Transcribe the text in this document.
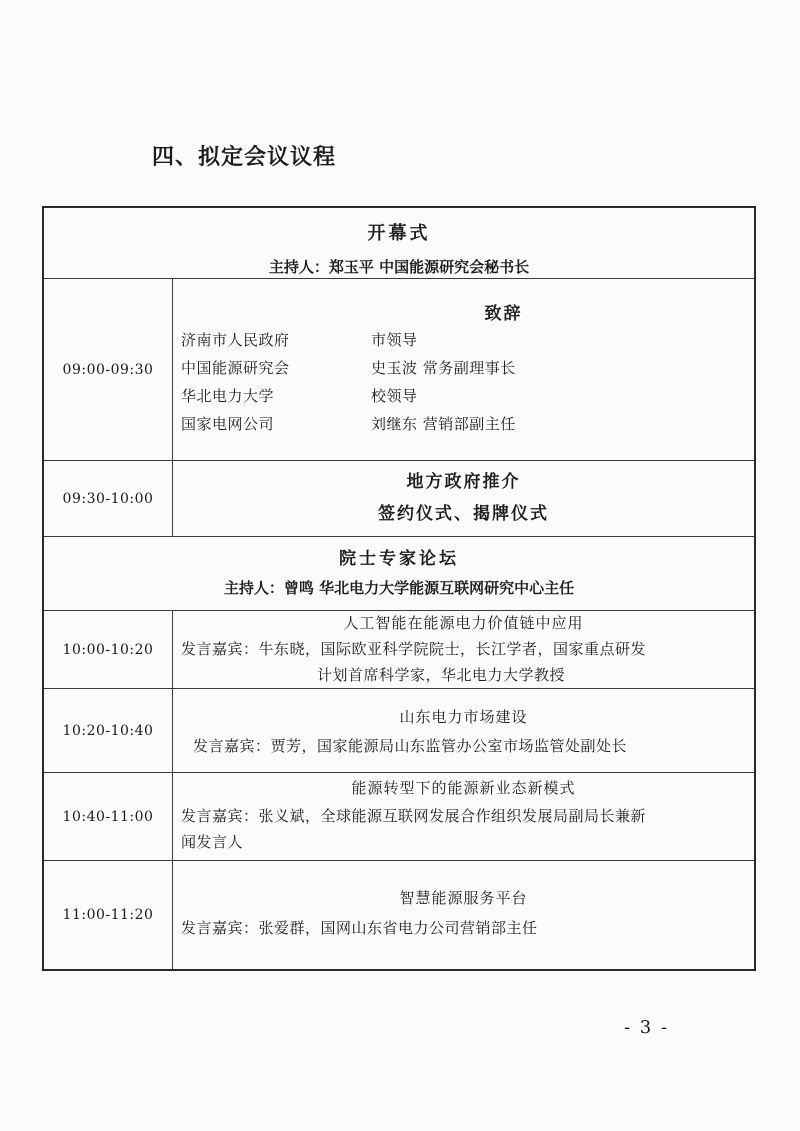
四、拟定会议议程
开幕式
主持人：郑玉平 中国能源研究会秘书长
09:00-09:30
致辞
济南市人民政府	市领导
中国能源研究会	史玉波 常务副理事长
华北电力大学	校领导
国家电网公司	刘继东 营销部副主任
09:30-10:00
地方政府推介
签约仪式、揭牌仪式
院士专家论坛
主持人：曾鸣 华北电力大学能源互联网研究中心主任
10:00-10:20
人工智能在能源电力价值链中应用
发言嘉宾：牛东晓，国际欧亚科学院院士，长江学者，国家重点研发
计划首席科学家，华北电力大学教授
10:20-10:40
山东电力市场建设
发言嘉宾：贾芳，国家能源局山东监管办公室市场监管处副处长
10:40-11:00
能源转型下的能源新业态新模式
发言嘉宾：张义斌，全球能源互联网发展合作组织发展局副局长兼新
闻发言人
11:00-11:20
智慧能源服务平台
发言嘉宾：张爱群，国网山东省电力公司营销部主任
- 3 -
